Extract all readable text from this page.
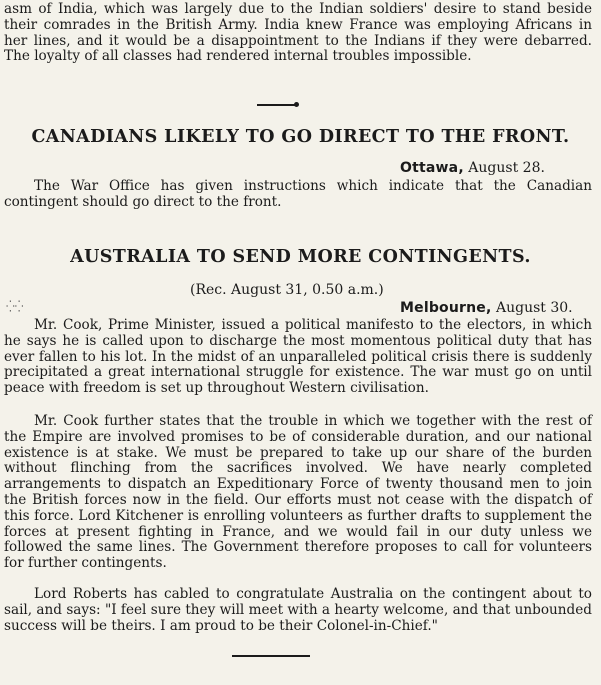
asm of India, which was largely due to the Indian soldiers' desire to stand beside their comrades in the British Army. India knew France was employing Africans in her lines, and it would be a disappointment to the Indians if they were debarred. The loyalty of all classes had rendered internal troubles impossible.

CANADIANS LIKELY TO GO DIRECT TO THE FRONT.
Ottawa, August 28.

The War Office has given instructions which indicate that the Canadian contingent should go direct to the front.

AUSTRALIA TO SEND MORE CONTINGENTS.
(Rec. August 31, 0.50 a.m.)
Melbourne, August 30.
⁛⁛

Mr. Cook, Prime Minister, issued a political manifesto to the electors, in which he says he is called upon to discharge the most momentous political duty that has ever fallen to his lot. In the midst of an unparalleled political crisis there is suddenly precipitated a great international struggle for existence. The war must go on until peace with freedom is set up throughout Western civilisation.

Mr. Cook further states that the trouble in which we together with the rest of the Empire are involved promises to be of considerable duration, and our national existence is at stake. We must be prepared to take up our share of the burden without flinching from the sacrifices involved. We have nearly completed arrangements to dispatch an Expeditionary Force of twenty thousand men to join the British forces now in the field. Our efforts must not cease with the dispatch of this force. Lord Kitchener is enrolling volunteers as further drafts to supplement the forces at present fighting in France, and we would fail in our duty unless we followed the same lines. The Government therefore proposes to call for volunteers for further contingents.

Lord Roberts has cabled to congratulate Australia on the contingent about to sail, and says: "I feel sure they will meet with a hearty welcome, and that unbounded success will be theirs. I am proud to be their Colonel-in-Chief."
